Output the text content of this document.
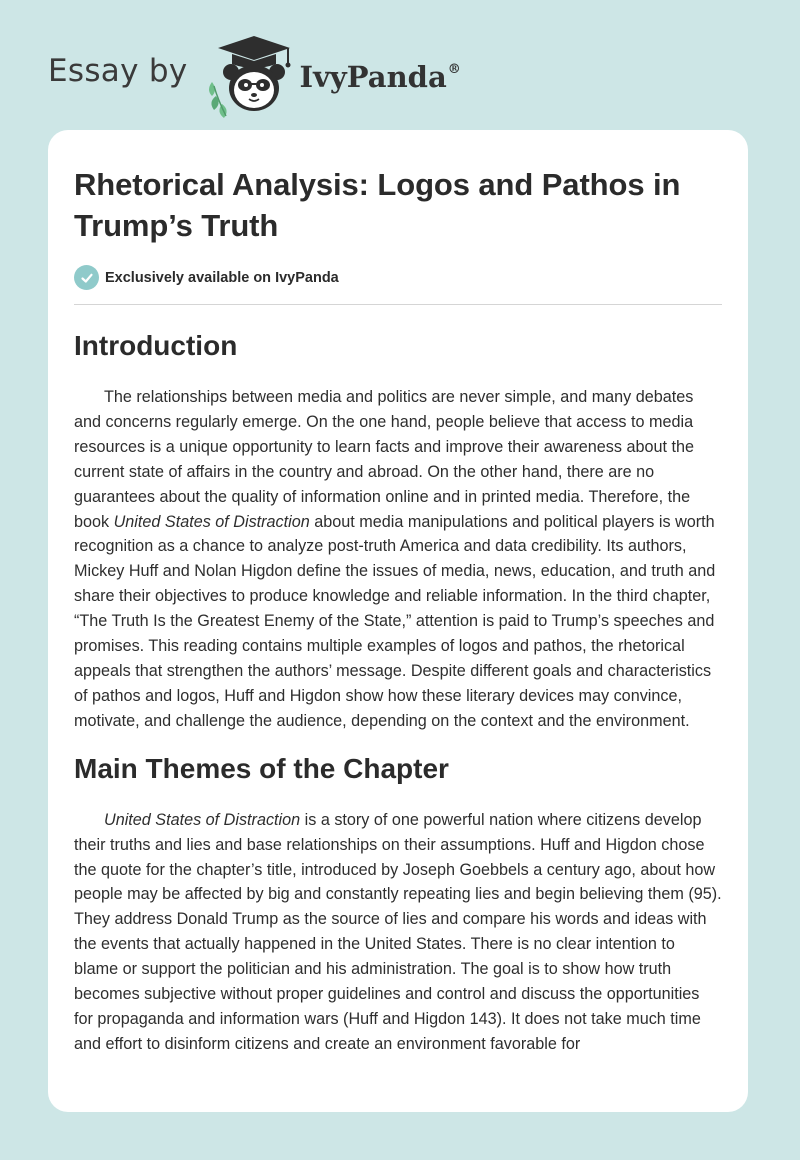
Essay by	IvyPanda®
Rhetorical Analysis: Logos and Pathos in Trump’s Truth
Exclusively available on IvyPanda
Introduction

The relationships between media and politics are never simple, and many debates and concerns regularly emerge. On the one hand, people believe that access to media resources is a unique opportunity to learn facts and improve their awareness about the current state of affairs in the country and abroad. On the other hand, there are no guarantees about the quality of information online and in printed media. Therefore, the book United States of Distraction about media manipulations and political players is worth recognition as a chance to analyze post-truth America and data credibility. Its authors, Mickey Huff and Nolan Higdon define the issues of media, news, education, and truth and share their objectives to produce knowledge and reliable information. In the third chapter, “The Truth Is the Greatest Enemy of the State,” attention is paid to Trump’s speeches and promises. This reading contains multiple examples of logos and pathos, the rhetorical appeals that strengthen the authors’ message. Despite different goals and characteristics of pathos and logos, Huff and Higdon show how these literary devices may convince, motivate, and challenge the audience, depending on the context and the environment.

Main Themes of the Chapter

United States of Distraction is a story of one powerful nation where citizens develop their truths and lies and base relationships on their assumptions. Huff and Higdon chose the quote for the chapter’s title, introduced by Joseph Goebbels a century ago, about how people may be affected by big and constantly repeating lies and begin believing them (95). They address Donald Trump as the source of lies and compare his words and ideas with the events that actually happened in the United States. There is no clear intention to blame or support the politician and his administration. The goal is to show how truth becomes subjective without proper guidelines and control and discuss the opportunities for propaganda and information wars (Huff and Higdon 143). It does not take much time and effort to disinform citizens and create an environment favorable for
